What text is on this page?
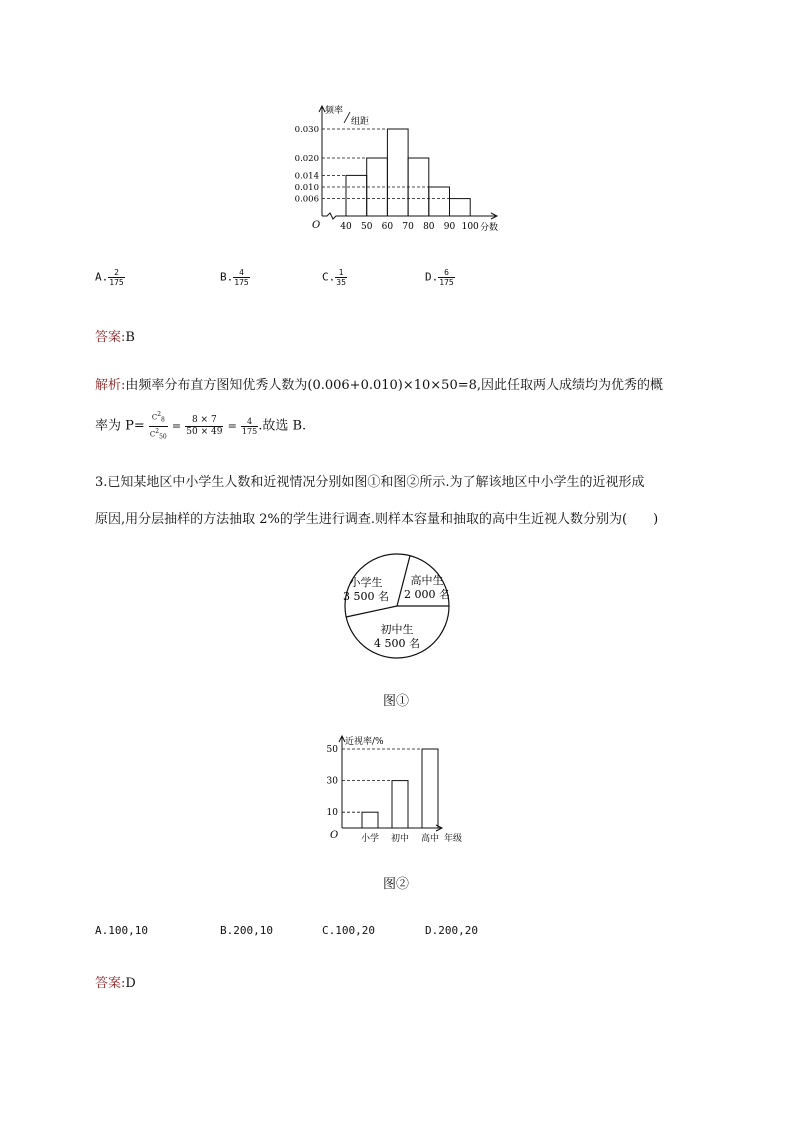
频率
组距
O
0.030
0.020
0.014
0.010
0.006
40 50 60 70 80 90 100 分数
A. $\frac{2}{175}$	B. $\frac{4}{175}$	C. $\frac{1}{35}$	D. $\frac{6}{175}$
答案:B
解析:由频率分布直方图知优秀人数为(0.006+0.010)×10×50=8,因此任取两人成绩均为优秀的概
率为 $P= \frac{C^2_8}{C^2_{50}} = \frac{8 \times 7}{50 \times 49} = \frac{4}{175}$ .故选 B.
3.已知某地区中小学生人数和近视情况分别如图①和图②所示.为了解该地区中小学生的近视形成
原因,用分层抽样的方法抽取 2%的学生进行调查.则样本容量和抽取的高中生近视人数分别为(　　)
小学生
3 500 名
高中生
2 000 名
初中生
4 500 名
图①
近视率/%
O
10
小学
30
初中
50
高中 年级
图②
A.100,10	B.200,10	C.100,20	D.200,20
答案:D
